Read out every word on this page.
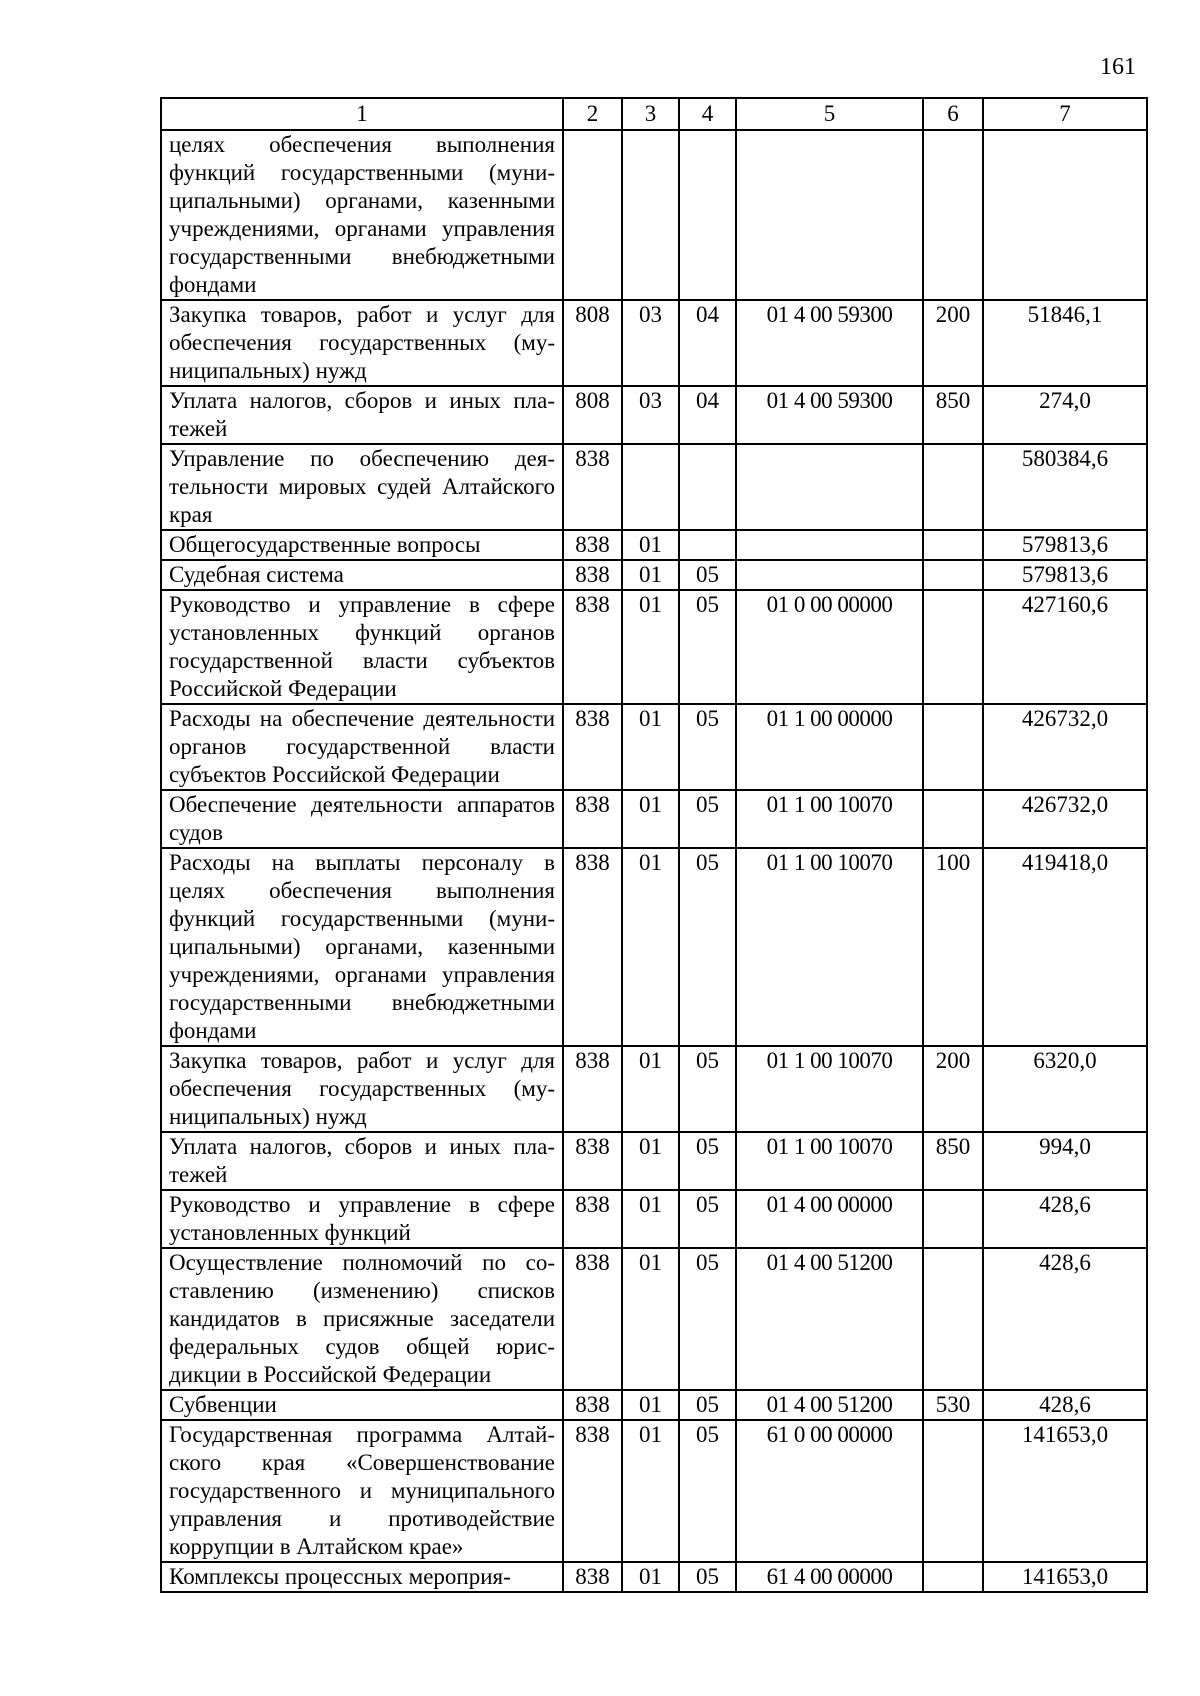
161
1	2	3	4	5	6	7
целях обеспечения выполнения функций государственными (муниципальными) органами, казенными учреждениями, органами управления государственными внебюджетными фондами						
Закупка товаров, работ и услуг для обеспечения государственных (муниципальных) нужд	808	03	04	01 4 00 59300	200	51846,1
Уплата налогов, сборов и иных платежей	808	03	04	01 4 00 59300	850	274,0
Управление по обеспечению деятельности мировых судей Алтайского края	838					580384,6
Общегосударственные вопросы	838	01				579813,6
Судебная система	838	01	05			579813,6
Руководство и управление в сфере установленных функций органов государственной власти субъектов Российской Федерации	838	01	05	01 0 00 00000		427160,6
Расходы на обеспечение деятельности органов государственной власти субъектов Российской Федерации	838	01	05	01 1 00 00000		426732,0
Обеспечение деятельности аппаратов судов	838	01	05	01 1 00 10070		426732,0
Расходы на выплаты персоналу в целях обеспечения выполнения функций государственными (муниципальными) органами, казенными учреждениями, органами управления государственными внебюджетными фондами	838	01	05	01 1 00 10070	100	419418,0
Закупка товаров, работ и услуг для обеспечения государственных (муниципальных) нужд	838	01	05	01 1 00 10070	200	6320,0
Уплата налогов, сборов и иных платежей	838	01	05	01 1 00 10070	850	994,0
Руководство и управление в сфере установленных функций	838	01	05	01 4 00 00000		428,6
Осуществление полномочий по составлению (изменению) списков кандидатов в присяжные заседатели федеральных судов общей юрисдикции в Российской Федерации	838	01	05	01 4 00 51200		428,6
Субвенции	838	01	05	01 4 00 51200	530	428,6
Государственная программа Алтайского края «Совершенствование государственного и муниципального управления и противодействие коррупции в Алтайском крае»	838	01	05	61 0 00 00000		141653,0
Комплексы процессных мероприя-	838	01	05	61 4 00 00000		141653,0
